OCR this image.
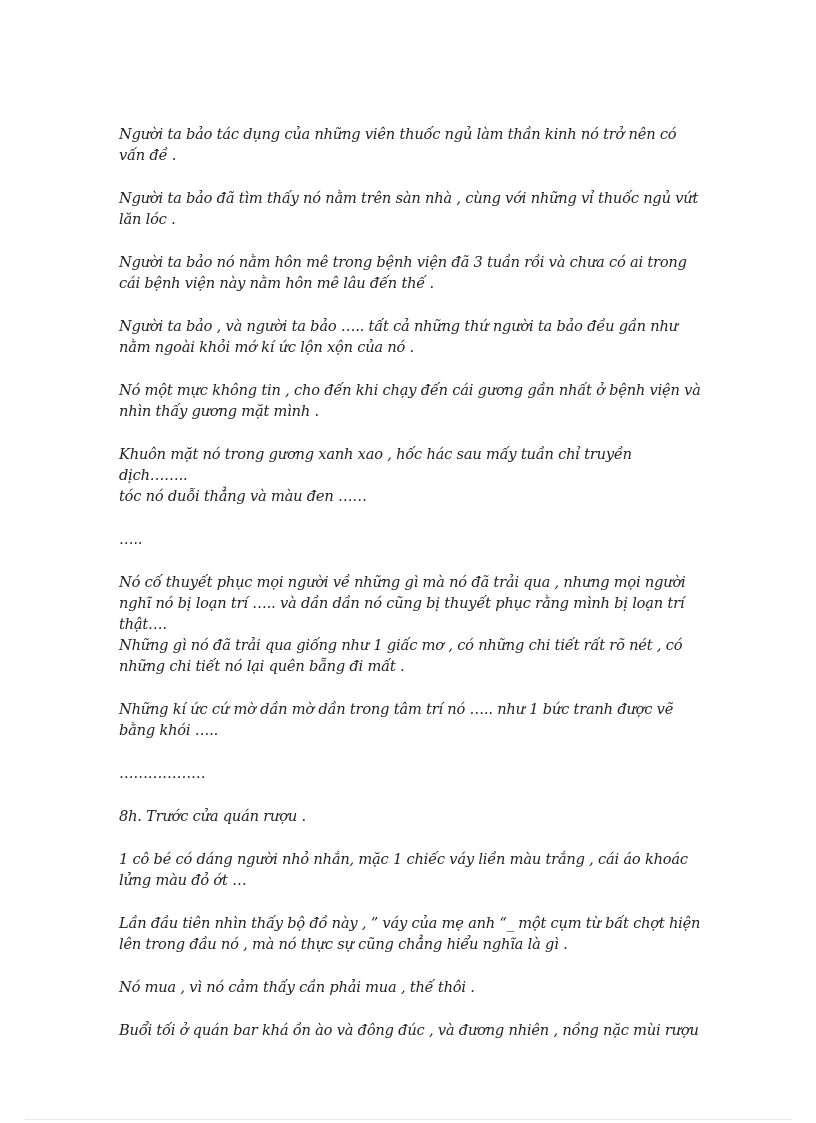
Người ta bảo tác dụng của những viên thuốc ngủ làm thần kinh nó trở nên có vấn đề .

Người ta bảo đã tìm thấy nó nằm trên sàn nhà , cùng với những vỉ thuốc ngủ vứt lăn lóc .

Người ta bảo nó nằm hôn mê trong bệnh viện đã 3 tuần rồi và chưa có ai trong cái bệnh viện này nằm hôn mê lâu đến thế .

Người ta bảo , và người ta bảo ….. tất cả những thứ người ta bảo đều gần như nằm ngoài khỏi mớ kí ức lộn xộn của nó .

Nó một mực không tin , cho đến khi chạy đến cái gương gần nhất ở bệnh viện và nhìn thấy gương mặt mình .

Khuôn mặt nó trong gương xanh xao , hốc hác sau mấy tuần chỉ truyền dịch……..
tóc nó duỗi thẳng và màu đen ……

…..

Nó cố thuyết phục mọi người về những gì mà nó đã trải qua , nhưng mọi người nghĩ nó bị loạn trí ….. và dần dần nó cũng bị thuyết phục rằng mình bị loạn trí thật….

Những gì nó đã trải qua giống như 1 giấc mơ , có những chi tiết rất rõ nét , có những chi tiết nó lại quên bẵng đi mất .

Những kí ức cứ mờ dần mờ dần trong tâm trí nó ….. như 1 bức tranh được vẽ bằng khói …..

………………

8h. Trước cửa quán rượu .

1 cô bé có dáng người nhỏ nhắn, mặc 1 chiếc váy liền màu trắng , cái áo khoác lửng màu đỏ ớt …

Lần đầu tiên nhìn thấy bộ đồ này , ” váy của mẹ anh “_ một cụm từ bất chợt hiện lên trong đầu nó , mà nó thực sự cũng chẳng hiểu nghĩa là gì .

Nó mua , vì nó cảm thấy cần phải mua , thế thôi .

Buổi tối ở quán bar khá ồn ào và đông đúc , và đương nhiên , nồng nặc mùi rượu
